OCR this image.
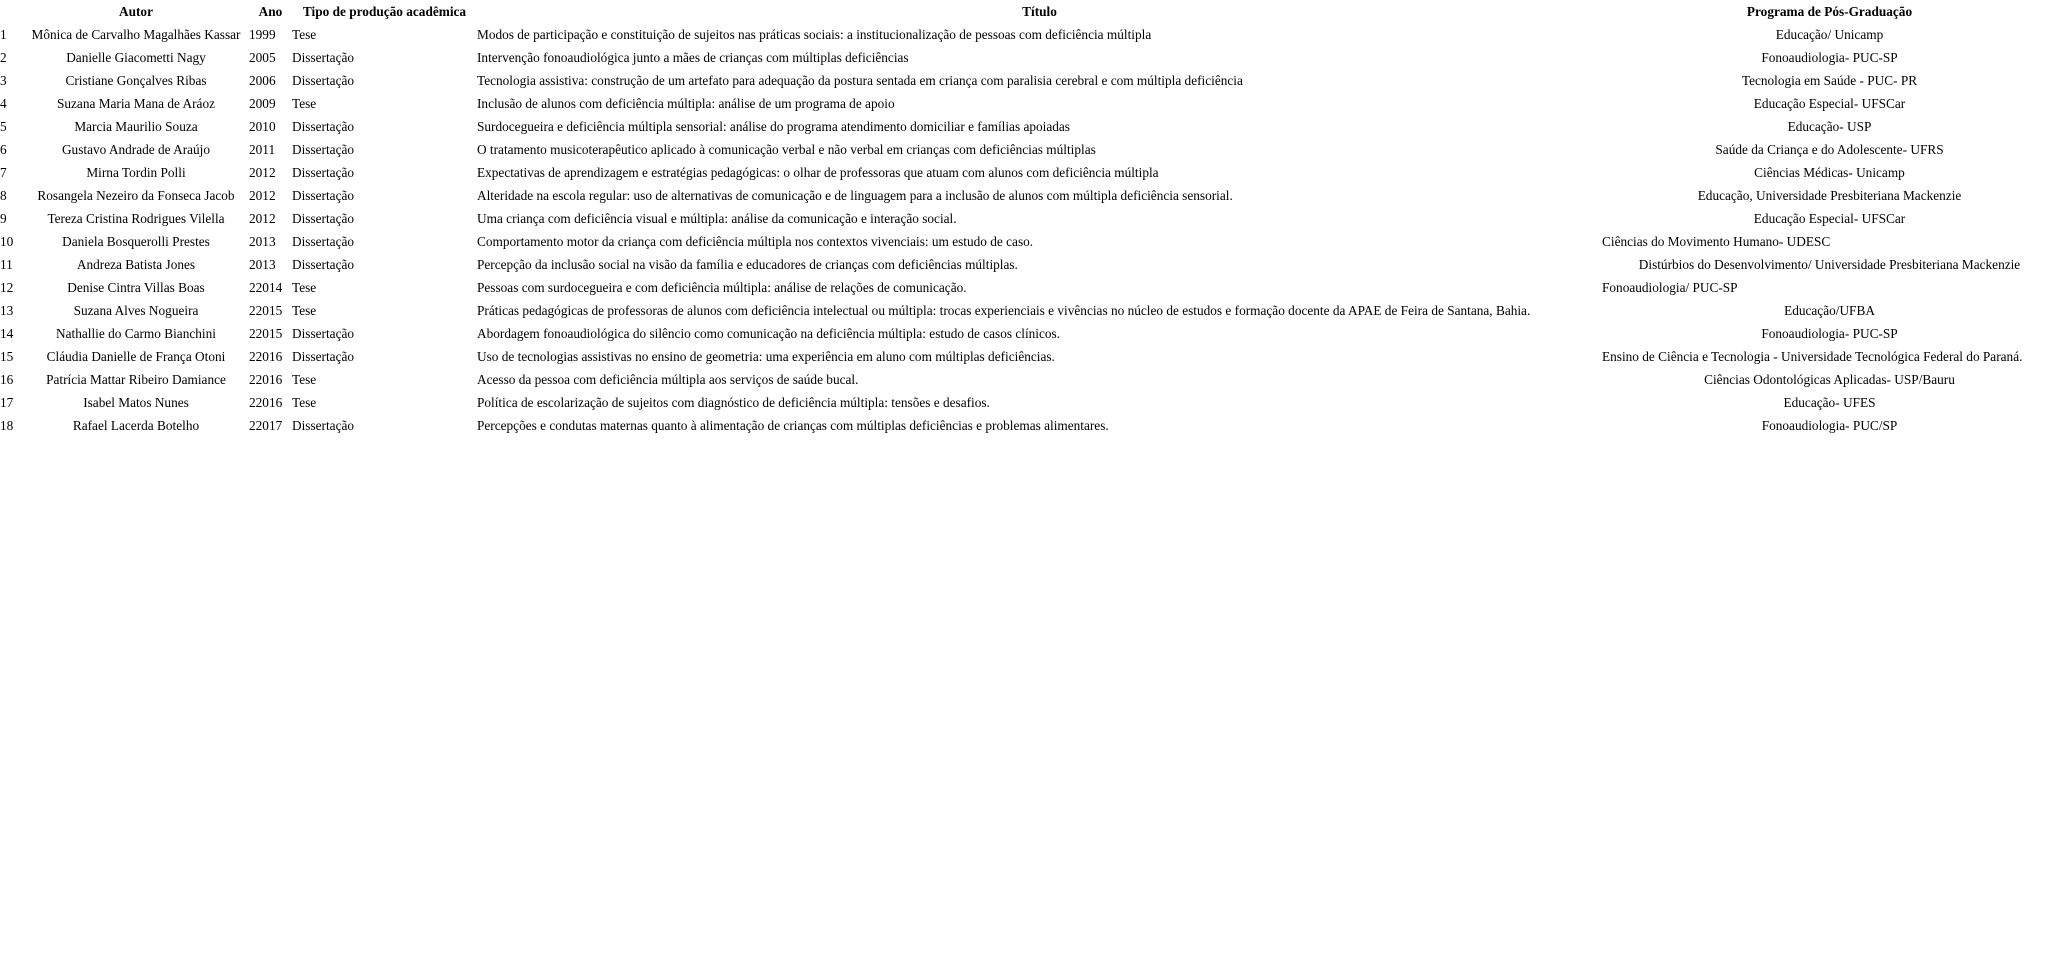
	Autor	Ano	Tipo de produção acadêmica	Título	Programa de Pós-Graduação
1	Mônica de Carvalho Magalhães Kassar	1999	Tese	Modos de participação e constituição de sujeitos nas práticas sociais: a institucionalização de pessoas com deficiência múltipla	Educação/ Unicamp
2	Danielle Giacometti Nagy	2005	Dissertação	Intervenção fonoaudiológica junto a mães de crianças com múltiplas deficiências	Fonoaudiologia- PUC-SP
3	Cristiane Gonçalves Ribas	2006	Dissertação	Tecnologia assistiva: construção de um artefato para adequação da postura sentada em criança com paralisia cerebral e com múltipla deficiência	Tecnologia em Saúde - PUC- PR
4	Suzana Maria Mana de Aráoz	2009	Tese	Inclusão de alunos com deficiência múltipla: análise de um programa de apoio	Educação Especial- UFSCar
5	Marcia Maurilio Souza	2010	Dissertação	Surdocegueira e deficiência múltipla sensorial: análise do programa atendimento domiciliar e famílias apoiadas	Educação- USP
6	Gustavo Andrade de Araújo	2011	Dissertação	O tratamento musicoterapêutico aplicado à comunicação verbal e não verbal em crianças com deficiências múltiplas	Saúde da Criança e do Adolescente- UFRS
7	Mirna Tordin Polli	2012	Dissertação	Expectativas de aprendizagem e estratégias pedagógicas: o olhar de professoras que atuam com alunos com deficiência múltipla	Ciências Médicas- Unicamp
8	Rosangela Nezeiro da Fonseca Jacob	2012	Dissertação	Alteridade na escola regular: uso de alternativas de comunicação e de linguagem para a inclusão de alunos com múltipla deficiência sensorial.	Educação, Universidade Presbiteriana Mackenzie
9	Tereza Cristina Rodrigues Vilella	2012	Dissertação	Uma criança com deficiência visual e múltipla: análise da comunicação e interação social.	Educação Especial- UFSCar
10	Daniela Bosquerolli Prestes	2013	Dissertação	Comportamento motor da criança com deficiência múltipla nos contextos vivenciais: um estudo de caso.	Ciências do Movimento Humano- UDESC
11	Andreza Batista Jones	2013	Dissertação	Percepção da inclusão social na visão da família e educadores de crianças com deficiências múltiplas.	Distúrbios do Desenvolvimento/ Universidade Presbiteriana Mackenzie
12	Denise Cintra Villas Boas	22014	Tese	Pessoas com surdocegueira e com deficiência múltipla: análise de relações de comunicação.	Fonoaudiologia/ PUC-SP
13	Suzana Alves Nogueira	22015	Tese	Práticas pedagógicas de professoras de alunos com deficiência intelectual ou múltipla: trocas experienciais e vivências no núcleo de estudos e formação docente da APAE de Feira de Santana, Bahia.	Educação/UFBA
14	Nathallie do Carmo Bianchini	22015	Dissertação	Abordagem fonoaudiológica do silêncio como comunicação na deficiência múltipla: estudo de casos clínicos.	Fonoaudiologia- PUC-SP
15	Cláudia Danielle de França Otoni	22016	Dissertação	Uso de tecnologias assistivas no ensino de geometria: uma experiência em aluno com múltiplas deficiências.	Ensino de Ciência e Tecnologia - Universidade Tecnológica Federal do Paraná.
16	Patrícia Mattar Ribeiro Damiance	22016	Tese	Acesso da pessoa com deficiência múltipla aos serviços de saúde bucal.	Ciências Odontológicas Aplicadas- USP/Bauru
17	Isabel Matos Nunes	22016	Tese	Política de escolarização de sujeitos com diagnóstico de deficiência múltipla: tensões e desafios.	Educação- UFES
18	Rafael Lacerda Botelho	22017	Dissertação	Percepções e condutas maternas quanto à alimentação de crianças com múltiplas deficiências e problemas alimentares.	Fonoaudiologia- PUC/SP
